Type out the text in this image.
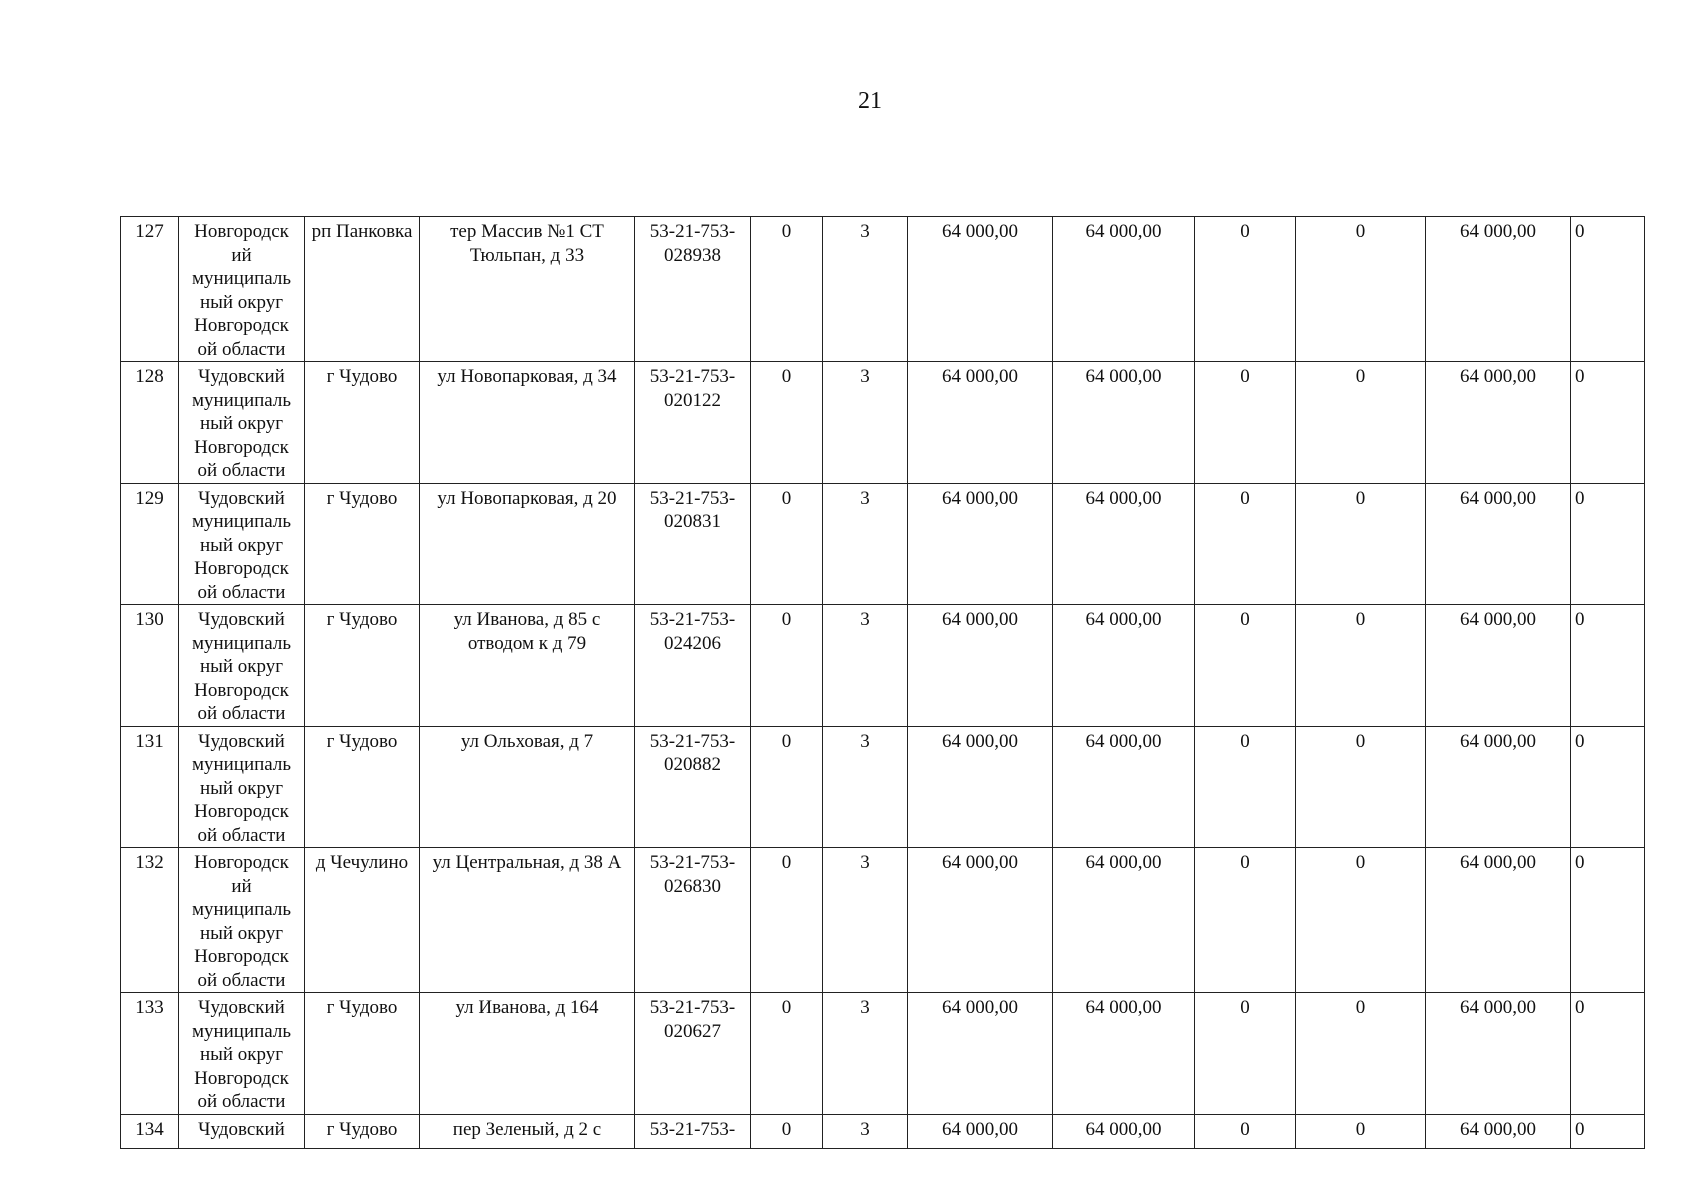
21
127	Новгородск ий муниципаль ный округ Новгородск ой области	рп Панковка	тер Массив №1 СТ Тюльпан, д 33	53-21-753-028938	0	3	64 000,00	64 000,00	0	0	64 000,00	0
128	Чудовский муниципаль ный округ Новгородск ой области	г Чудово	ул Новопарковая, д 34	53-21-753-020122	0	3	64 000,00	64 000,00	0	0	64 000,00	0
129	Чудовский муниципаль ный округ Новгородск ой области	г Чудово	ул Новопарковая, д 20	53-21-753-020831	0	3	64 000,00	64 000,00	0	0	64 000,00	0
130	Чудовский муниципаль ный округ Новгородск ой области	г Чудово	ул Иванова, д 85 с отводом к д 79	53-21-753-024206	0	3	64 000,00	64 000,00	0	0	64 000,00	0
131	Чудовский муниципаль ный округ Новгородск ой области	г Чудово	ул Ольховая, д 7	53-21-753-020882	0	3	64 000,00	64 000,00	0	0	64 000,00	0
132	Новгородск ий муниципаль ный округ Новгородск ой области	д Чечулино	ул Центральная, д 38 А	53-21-753-026830	0	3	64 000,00	64 000,00	0	0	64 000,00	0
133	Чудовский муниципаль ный округ Новгородск ой области	г Чудово	ул Иванова, д 164	53-21-753-020627	0	3	64 000,00	64 000,00	0	0	64 000,00	0
134	Чудовский	г Чудово	пер Зеленый, д 2 с	53-21-753-	0	3	64 000,00	64 000,00	0	0	64 000,00	0
